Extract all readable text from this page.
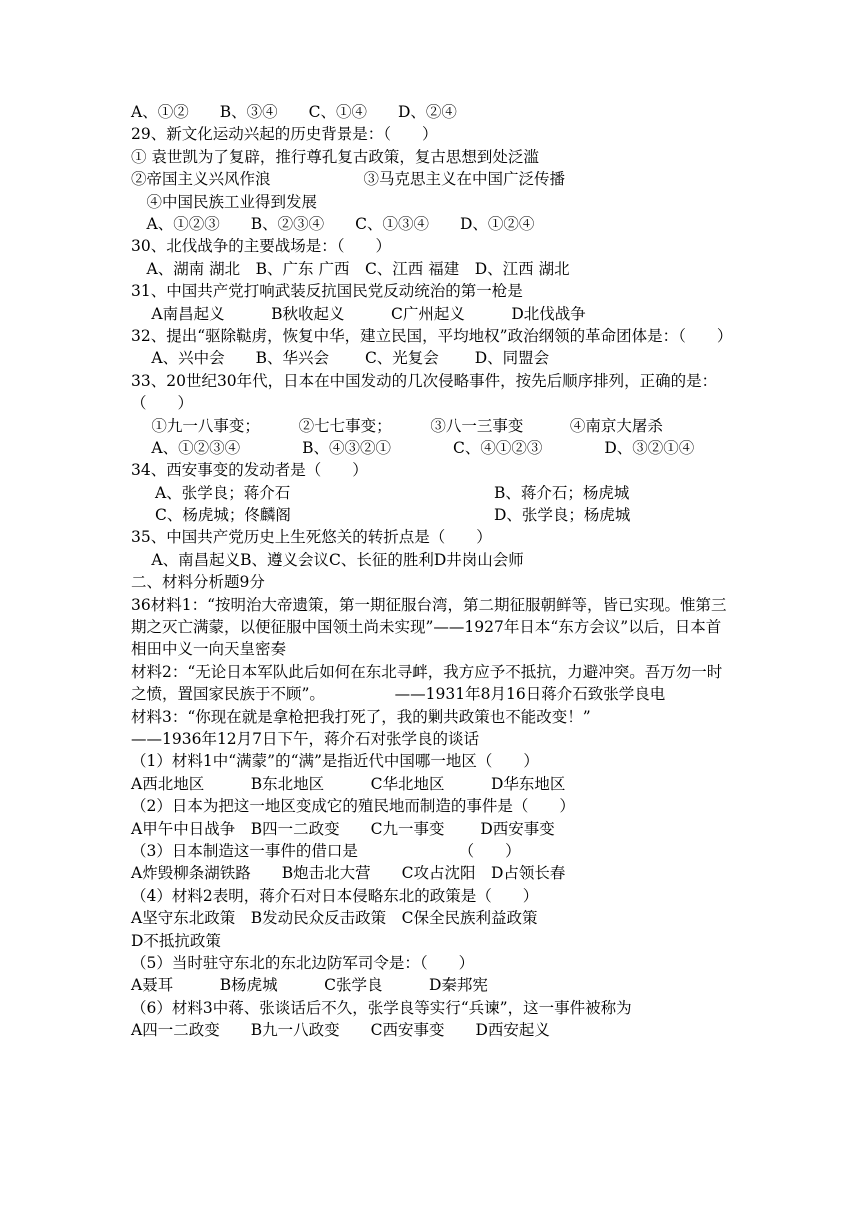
A、①②　　B、③④　　C、①④　　D、②④
29、新文化运动兴起的历史背景是：（　　）
① 袁世凯为了复辟，推行尊孔复古政策，复古思想到处泛滥
②帝国主义兴风作浪　　　　　　③马克思主义在中国广泛传播
　④中国民族工业得到发展
　A、①②③　　B、②③④　　C、①③④　　D、①②④
30、北伐战争的主要战场是：（　　）
　A、湖南 湖北　B、广东 广西　C、江西 福建　D、江西 湖北
31、中国共产党打响武装反抗国民党反动统治的第一枪是
　 A南昌起义　　　B秋收起义　　　C广州起义　　　D北伐战争
32、提出“驱除鞑虏，恢复中华，建立民国，平均地权”政治纲领的革命团体是：（　　）
　 A、兴中会　　B、华兴会　　 C、光复会　　 D、同盟会
33、20世纪30年代，日本在中国发动的几次侵略事件，按先后顺序排列，正确的是：（　　）
　 ①九一八事变；　　　②七七事变；　　　③八一三事变　　　④南京大屠杀
　 A、①②③④　　　　B、④③②①　　　　C、④①②③　　　　D、③②①④
34、西安事变的发动者是（　　）
A、张学良；蒋介石	B、蒋介石；杨虎城
C、杨虎城；佟麟阁	D、张学良；杨虎城
35、中国共产党历史上生死悠关的转折点是（　　）
　 A、南昌起义B、遵义会议C、长征的胜利D井岗山会师
二、材料分析题9分
36材料1：“按明治大帝遗策，第一期征服台湾，第二期征服朝鲜等，皆已实现。惟第三期之灭亡满蒙，以便征服中国领土尚未实现”——1927年日本“东方会议”以后，日本首相田中义一向天皇密奏
材料2：“无论日本军队此后如何在东北寻衅，我方应予不抵抗，力避冲突。吾万勿一时之愤，置国家民族于不顾”。　　　　　——1931年8月16日蒋介石致张学良电
材料3：“你现在就是拿枪把我打死了，我的剿共政策也不能改变！”
——1936年12月7日下午，蒋介石对张学良的谈话
（1）材料1中“满蒙”的“满”是指近代中国哪一地区（　　）
A西北地区　　　B东北地区　　　C华北地区　　　D华东地区
（2）日本为把这一地区变成它的殖民地而制造的事件是（　　）
A甲午中日战争　B四一二政变　　C九一事变　　 D西安事变
（3）日本制造这一事件的借口是　　　　　　　（　　）
A炸毁柳条湖铁路　　B炮击北大营　　C攻占沈阳　D占领长春
（4）材料2表明，蒋介石对日本侵略东北的政策是（　　）
A坚守东北政策　B发动民众反击政策　C保全民族利益政策
D不抵抗政策
（5）当时驻守东北的东北边防军司令是：（　　）
A聂耳　　　B杨虎城　　　C张学良　　　D秦邦宪
（6）材料3中蒋、张谈话后不久，张学良等实行“兵谏”，这一事件被称为
A四一二政变　　B九一八政变　　C西安事变　　D西安起义
